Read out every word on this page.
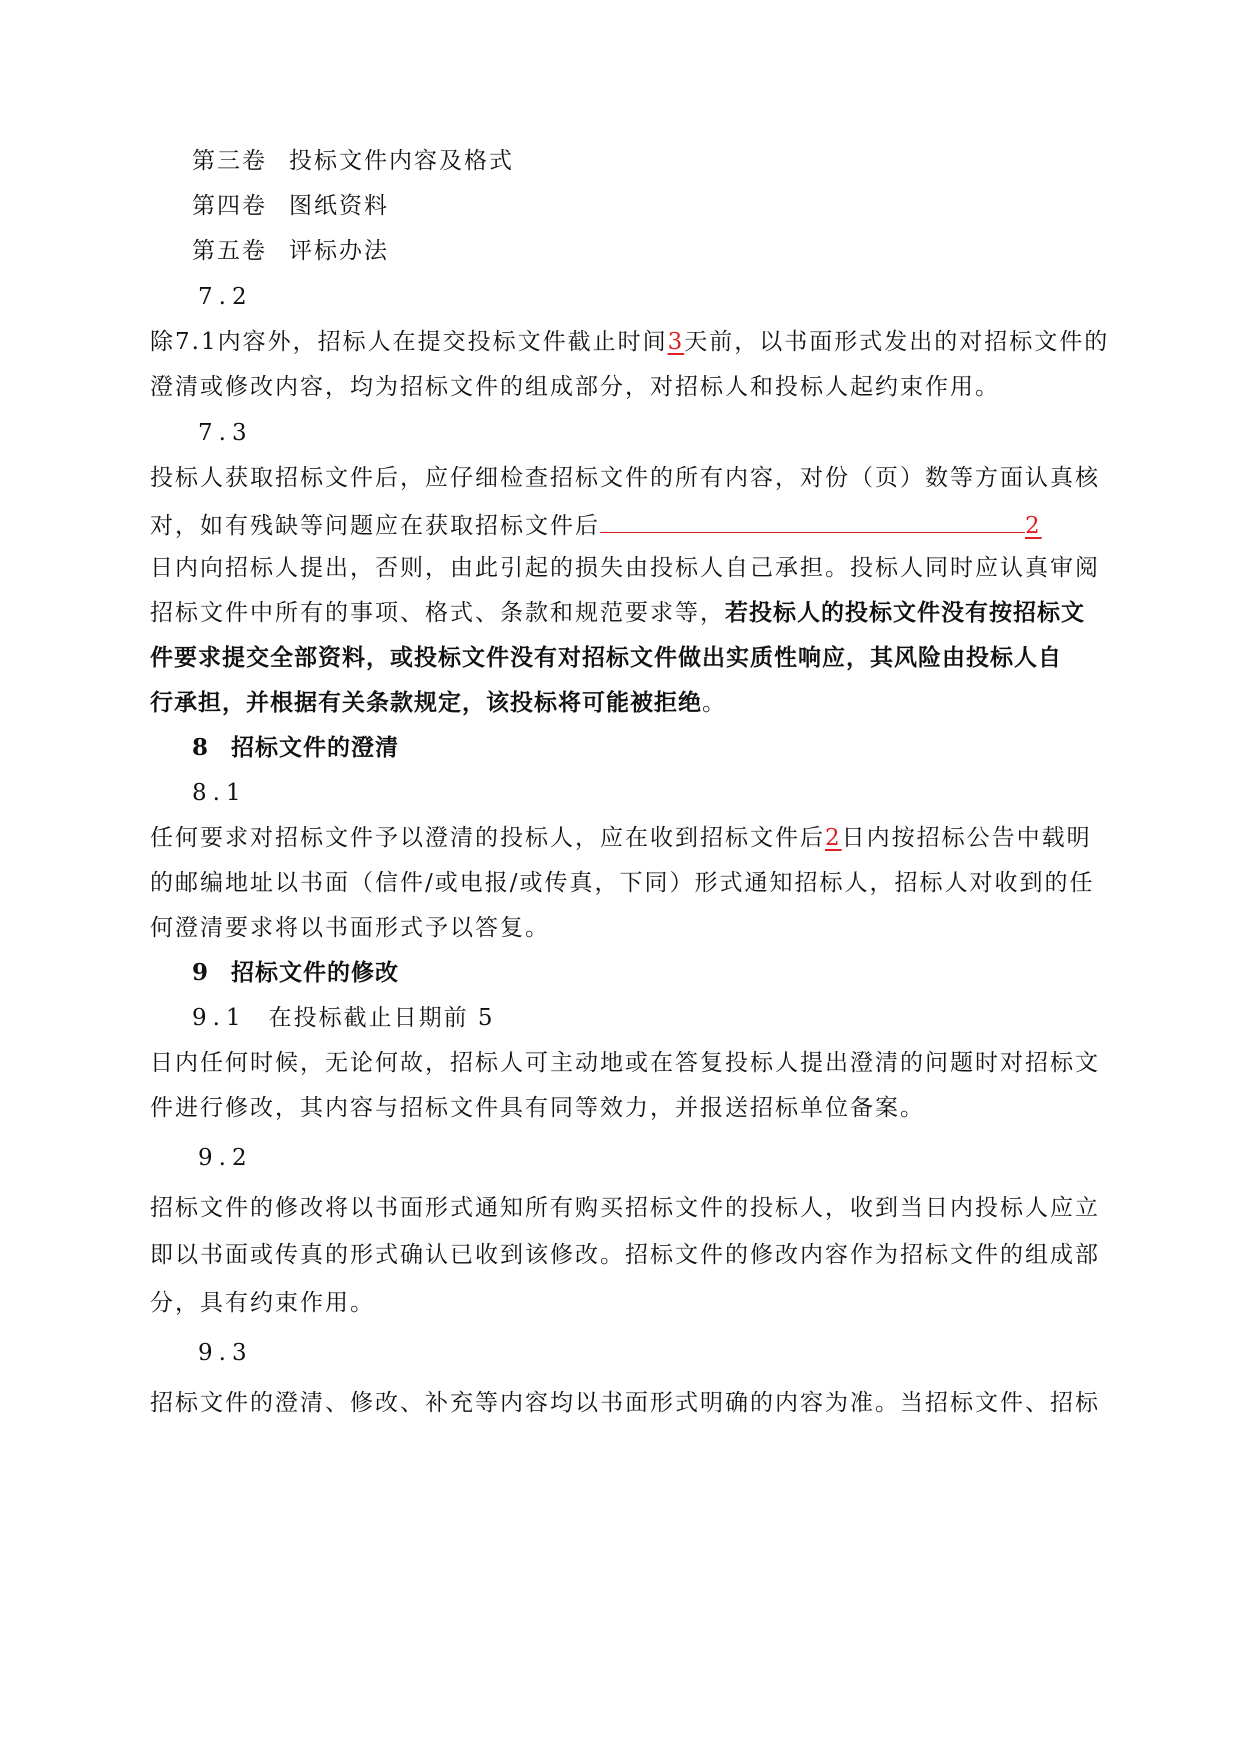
第三卷 投标文件内容及格式
第四卷 图纸资料
第五卷 评标办法
7.2
除7.1内容外，招标人在提交投标文件截止时间3天前，以书面形式发出的对招标文件的
澄清或修改内容，均为招标文件的组成部分，对招标人和投标人起约束作用。
7.3
投标人获取招标文件后，应仔细检查招标文件的所有内容，对份（页）数等方面认真核
对，如有残缺等问题应在获取招标文件后	2
日内向招标人提出，否则，由此引起的损失由投标人自己承担。投标人同时应认真审阅
招标文件中所有的事项、格式、条款和规范要求等，若投标人的投标文件没有按招标文
件要求提交全部资料，或投标文件没有对招标文件做出实质性响应，其风险由投标人自
行承担，并根据有关条款规定，该投标将可能被拒绝。
8 招标文件的澄清
8.1
任何要求对招标文件予以澄清的投标人，应在收到招标文件后2日内按招标公告中载明
的邮编地址以书面（信件/或电报/或传真，下同）形式通知招标人，招标人对收到的任
何澄清要求将以书面形式予以答复。
9 招标文件的修改
9.1 在投标截止日期前 5
日内任何时候，无论何故，招标人可主动地或在答复投标人提出澄清的问题时对招标文
件进行修改，其内容与招标文件具有同等效力，并报送招标单位备案。
9.2
招标文件的修改将以书面形式通知所有购买招标文件的投标人，收到当日内投标人应立
即以书面或传真的形式确认已收到该修改。招标文件的修改内容作为招标文件的组成部
分，具有约束作用。
9.3
招标文件的澄清、修改、补充等内容均以书面形式明确的内容为准。当招标文件、招标
